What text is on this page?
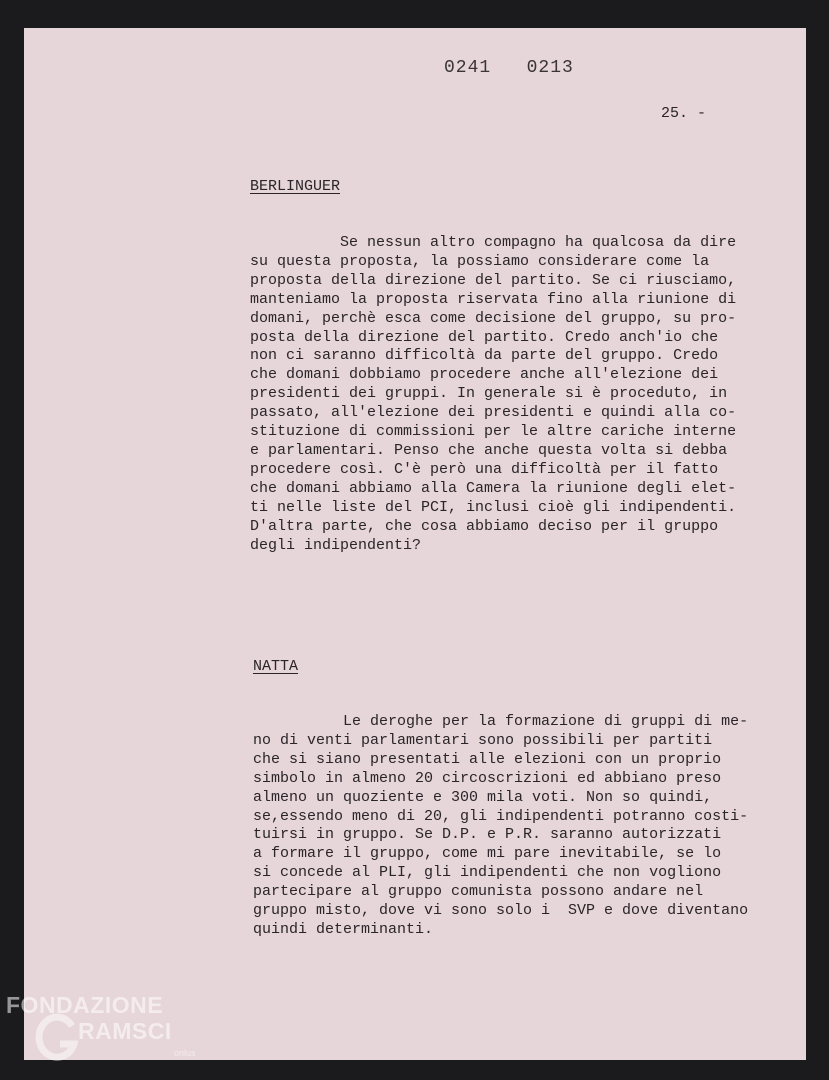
0241   0213
25. -
BERLINGUER
Se nessun altro compagno ha qualcosa da dire
su questa proposta, la possiamo considerare come la
proposta della direzione del partito. Se ci riusciamo,
manteniamo la proposta riservata fino alla riunione di
domani, perchè esca come decisione del gruppo, su pro-
posta della direzione del partito. Credo anch'io che
non ci saranno difficoltà da parte del gruppo. Credo
che domani dobbiamo procedere anche all'elezione dei
presidenti dei gruppi. In generale si è proceduto, in
passato, all'elezione dei presidenti e quindi alla co-
stituzione di commissioni per le altre cariche interne
e parlamentari. Penso che anche questa volta si debba
procedere così. C'è però una difficoltà per il fatto
che domani abbiamo alla Camera la riunione degli elet-
ti nelle liste del PCI, inclusi cioè gli indipendenti.
D'altra parte, che cosa abbiamo deciso per il gruppo
degli indipendenti?
NATTA
Le deroghe per la formazione di gruppi di me-
no di venti parlamentari sono possibili per partiti
che si siano presentati alle elezioni con un proprio
simbolo in almeno 20 circoscrizioni ed abbiano preso
almeno un quoziente e 300 mila voti. Non so quindi,
se,essendo meno di 20, gli indipendenti potranno costi-
tuirsi in gruppo. Se D.P. e P.R. saranno autorizzati
a formare il gruppo, come mi pare inevitabile, se lo
si concede al PLI, gli indipendenti che non vogliono
partecipare al gruppo comunista possono andare nel
gruppo misto, dove vi sono solo i  SVP e dove diventano
quindi determinanti.
FONDAZIONE
RAMSCI
onlus
